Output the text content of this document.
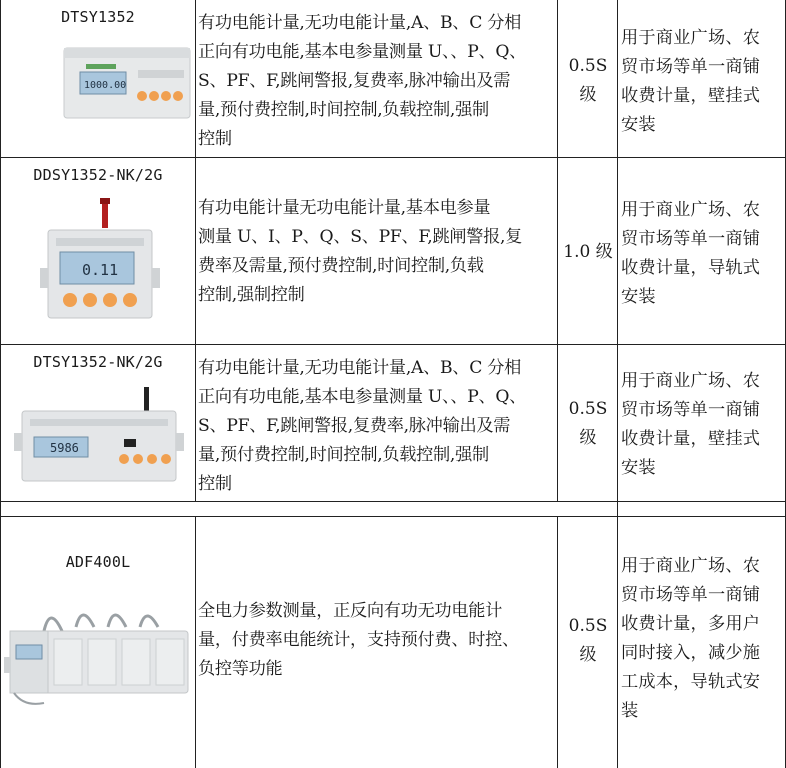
DTSY1352
1000.00
有功电能计量,无功电能计量,A、B、C 分相
正向有功电能,基本电参量测量 U、、P、Q、
S、PF、F,跳闸警报,复费率,脉冲输出及需
量,预付费控制,时间控制,负载控制,强制
控制
0.5S
级
用于商业广场、农
贸市场等单一商铺
收费计量，壁挂式
安装
DDSY1352-NK/2G
0.11
有功电能计量无功电能计量,基本电参量
测量 U、I、P、Q、S、PF、F,跳闸警报,复
费率及需量,预付费控制,时间控制,负载
控制,强制控制
1.0 级
用于商业广场、农
贸市场等单一商铺
收费计量，导轨式
安装
DTSY1352-NK/2G
5986
有功电能计量,无功电能计量,A、B、C 分相
正向有功电能,基本电参量测量 U、、P、Q、
S、PF、F,跳闸警报,复费率,脉冲输出及需
量,预付费控制,时间控制,负载控制,强制
控制
0.5S
级
用于商业广场、农
贸市场等单一商铺
收费计量，壁挂式
安装
ADF400L
全电力参数测量，正反向有功无功电能计
量，付费率电能统计，支持预付费、时控、
负控等功能
0.5S
级
用于商业广场、农
贸市场等单一商铺
收费计量，多用户
同时接入，减少施
工成本，导轨式安
装
